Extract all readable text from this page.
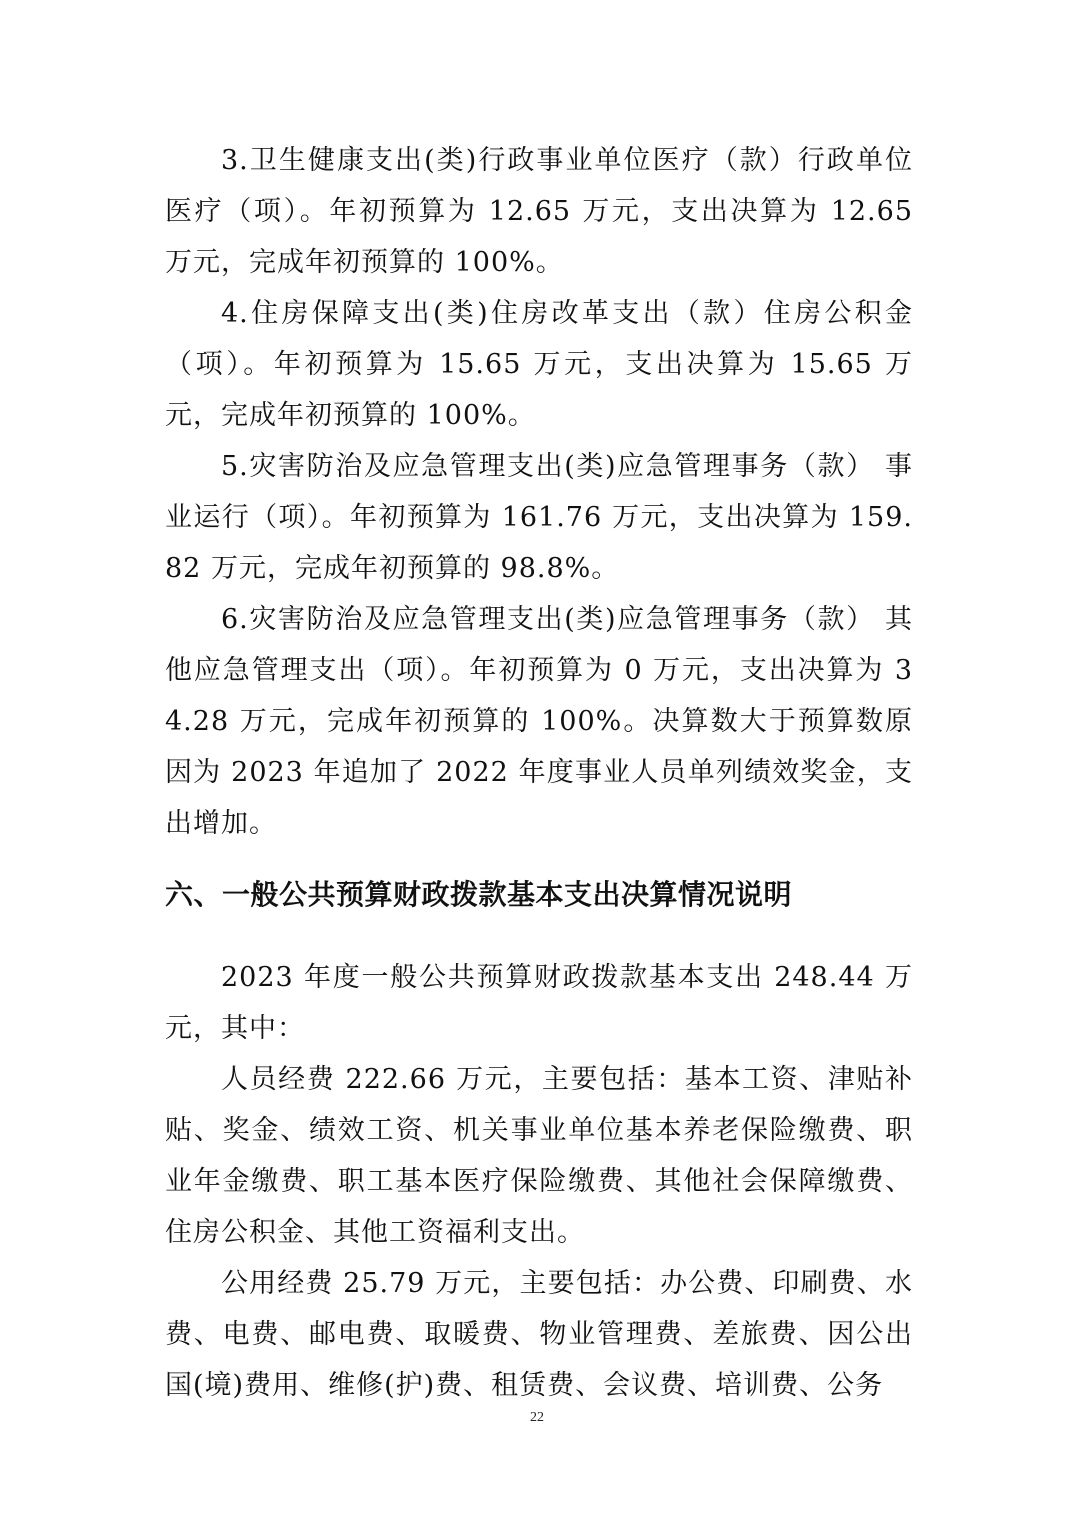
3.卫生健康支出(类)行政事业单位医疗（款）行政单位医疗（项）。年初预算为 12.65 万元，支出决算为 12.65 万元，完成年初预算的 100%。

4.住房保障支出(类)住房改革支出（款）住房公积金（项）。年初预算为 15.65 万元，支出决算为 15.65 万元，完成年初预算的 100%。

5.灾害防治及应急管理支出(类)应急管理事务（款） 事业运行（项）。年初预算为 161.76 万元，支出决算为 159.82 万元，完成年初预算的 98.8%。

6.灾害防治及应急管理支出(类)应急管理事务（款） 其他应急管理支出（项）。年初预算为 0 万元，支出决算为 34.28 万元，完成年初预算的 100%。决算数大于预算数原因为 2023 年追加了 2022 年度事业人员单列绩效奖金，支出增加。

六、一般公共预算财政拨款基本支出决算情况说明

2023 年度一般公共预算财政拨款基本支出 248.44 万元，其中：

人员经费 222.66 万元，主要包括：基本工资、津贴补贴、奖金、绩效工资、机关事业单位基本养老保险缴费、职业年金缴费、职工基本医疗保险缴费、其他社会保障缴费、住房公积金、其他工资福利支出。

公用经费 25.79 万元，主要包括：办公费、印刷费、水费、电费、邮电费、取暖费、物业管理费、差旅费、因公出国(境)费用、维修(护)费、租赁费、会议费、培训费、公务

22
